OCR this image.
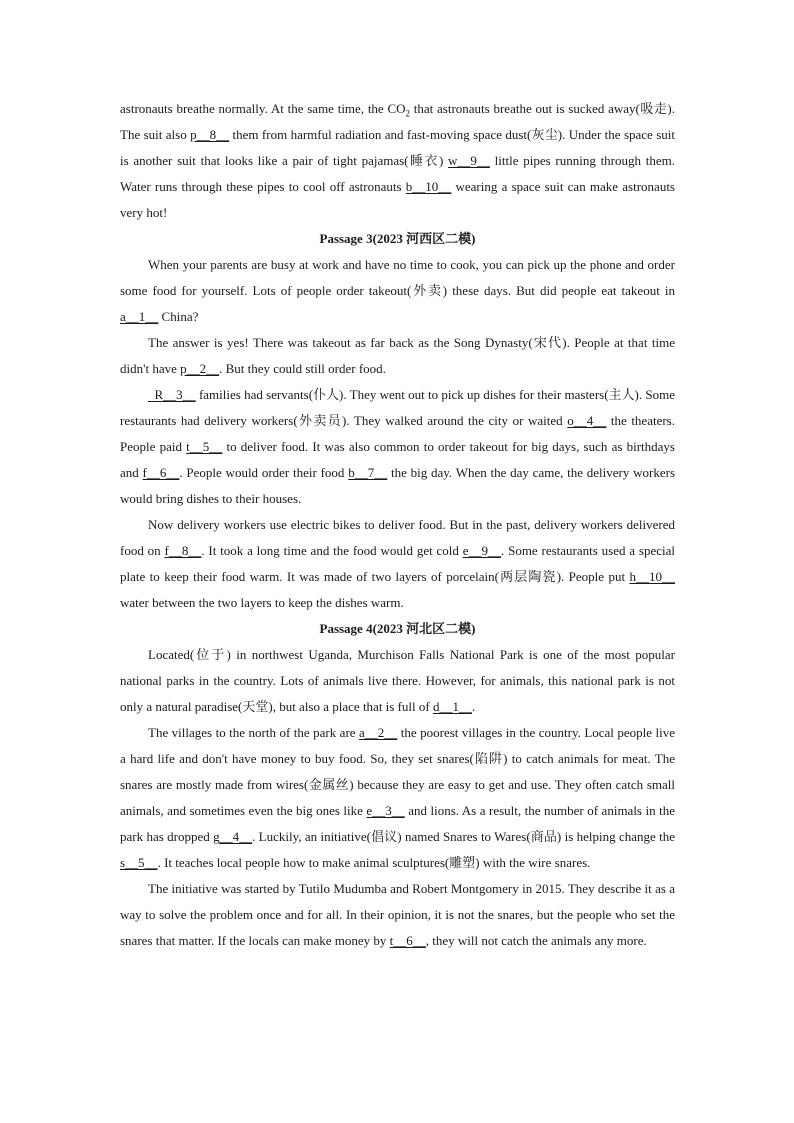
astronauts breathe normally. At the same time, the $CO_2$ that astronauts breathe out is sucked away(吸走). The suit also p__8__ them from harmful radiation and fast-moving space dust(灰尘). Under the space suit is another suit that looks like a pair of tight pajamas(睡衣) w__9__ little pipes running through them. Water runs through these pipes to cool off astronauts b__10__ wearing a space suit can make astronauts very hot!

Passage 3(2023 河西区二模)

When your parents are busy at work and have no time to cook, you can pick up the phone and order some food for yourself. Lots of people order takeout(外卖) these days. But did people eat takeout in a__1__ China?

The answer is yes! There was takeout as far back as the Song Dynasty(宋代). People at that time didn't have p__2__. But they could still order food.

R__3__ families had servants(仆人). They went out to pick up dishes for their masters(主人). Some restaurants had delivery workers(外卖员). They walked around the city or waited o__4__ the theaters. People paid t__5__ to deliver food. It was also common to order takeout for big days, such as birthdays and f__6__. People would order their food b__7__ the big day. When the day came, the delivery workers would bring dishes to their houses.

Now delivery workers use electric bikes to deliver food. But in the past, delivery workers delivered food on f__8__. It took a long time and the food would get cold e__9__. Some restaurants used a special plate to keep their food warm. It was made of two layers of porcelain(两层陶瓷). People put h__10__ water between the two layers to keep the dishes warm.

Passage 4(2023 河北区二模)

Located(位于) in northwest Uganda, Murchison Falls National Park is one of the most popular national parks in the country. Lots of animals live there. However, for animals, this national park is not only a natural paradise(天堂), but also a place that is full of d__1__.

The villages to the north of the park are a__2__ the poorest villages in the country. Local people live a hard life and don't have money to buy food. So, they set snares(陷阱) to catch animals for meat. The snares are mostly made from wires(金属丝) because they are easy to get and use. They often catch small animals, and sometimes even the big ones like e__3__ and lions. As a result, the number of animals in the park has dropped g__4__. Luckily, an initiative(倡议) named Snares to Wares(商品) is helping change the s__5__. It teaches local people how to make animal sculptures(雕塑) with the wire snares.

The initiative was started by Tutilo Mudumba and Robert Montgomery in 2015. They describe it as a way to solve the problem once and for all. In their opinion, it is not the snares, but the people who set the snares that matter. If the locals can make money by t__6__, they will not catch the animals any more.
